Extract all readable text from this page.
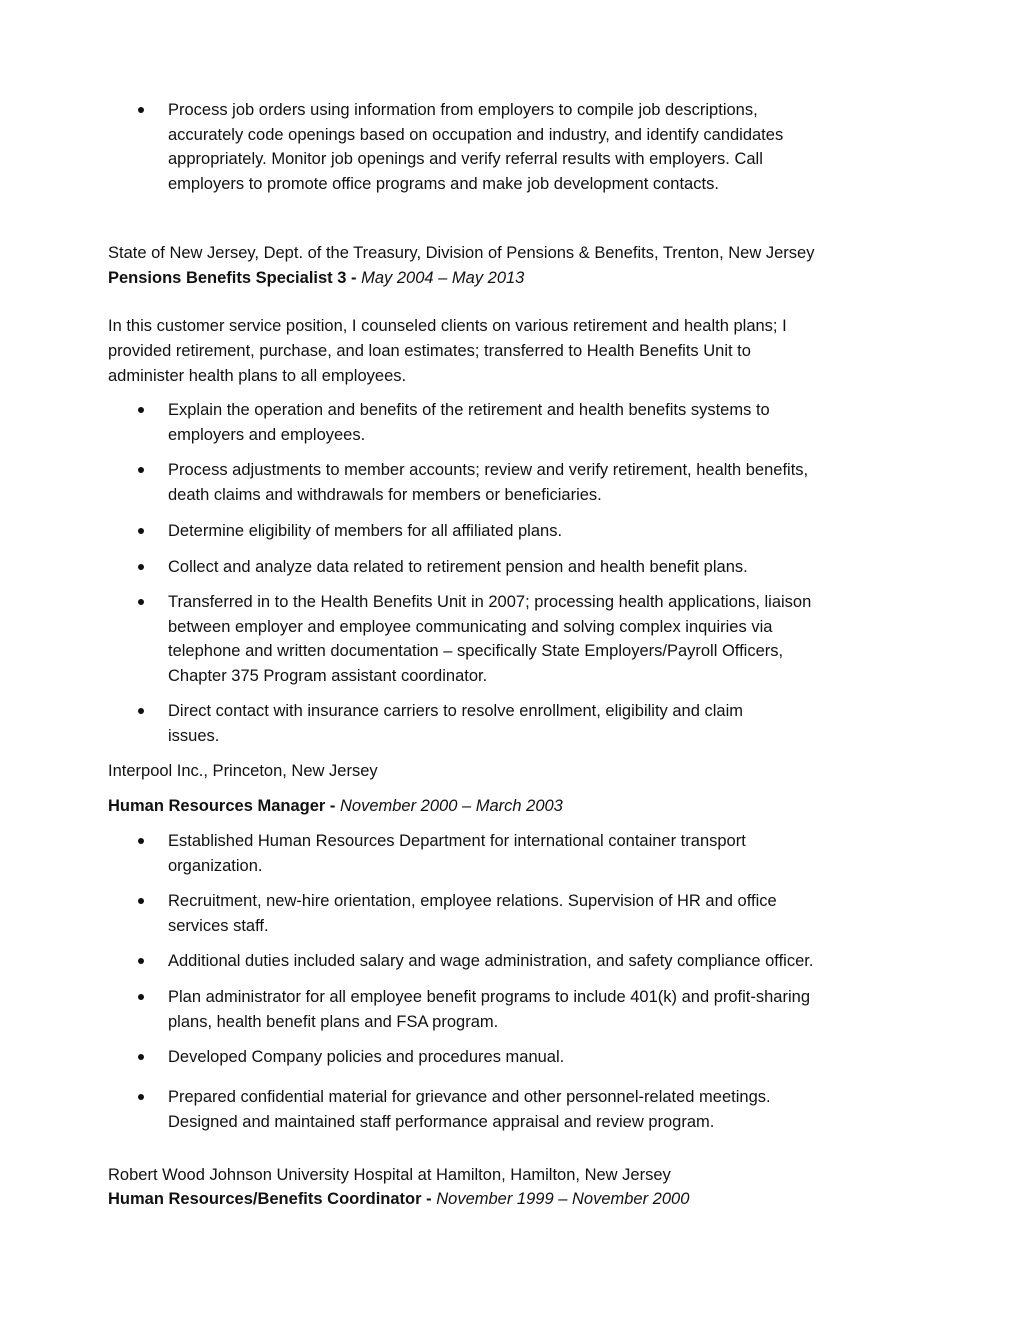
Process job orders using information from employers to compile job descriptions,
accurately code openings based on occupation and industry, and identify candidates
appropriately. Monitor job openings and verify referral results with employers. Call
employers to promote office programs and make job development contacts.
State of New Jersey, Dept. of the Treasury, Division of Pensions & Benefits, Trenton, New Jersey
Pensions Benefits Specialist 3 - May 2004 – May 2013
In this customer service position, I counseled clients on various retirement and health plans; I
provided retirement, purchase, and loan estimates; transferred to Health Benefits Unit to
administer health plans to all employees.
Explain the operation and benefits of the retirement and health benefits systems to
employers and employees.
Process adjustments to member accounts; review and verify retirement, health benefits,
death claims and withdrawals for members or beneficiaries.
Determine eligibility of members for all affiliated plans.
Collect and analyze data related to retirement pension and health benefit plans.
Transferred in to the Health Benefits Unit in 2007; processing health applications, liaison
between employer and employee communicating and solving complex inquiries via
telephone and written documentation – specifically State Employers/Payroll Officers,
Chapter 375 Program assistant coordinator.
Direct contact with insurance carriers to resolve enrollment, eligibility and claim
issues.
Interpool Inc., Princeton, New Jersey
Human Resources Manager - November 2000 – March 2003
Established Human Resources Department for international container transport
organization.
Recruitment, new-hire orientation, employee relations. Supervision of HR and office
services staff.
Additional duties included salary and wage administration, and safety compliance officer.
Plan administrator for all employee benefit programs to include 401(k) and profit-sharing
plans, health benefit plans and FSA program.
Developed Company policies and procedures manual.
Prepared confidential material for grievance and other personnel-related meetings.
Designed and maintained staff performance appraisal and review program.
Robert Wood Johnson University Hospital at Hamilton, Hamilton, New Jersey
Human Resources/Benefits Coordinator - November 1999 – November 2000
